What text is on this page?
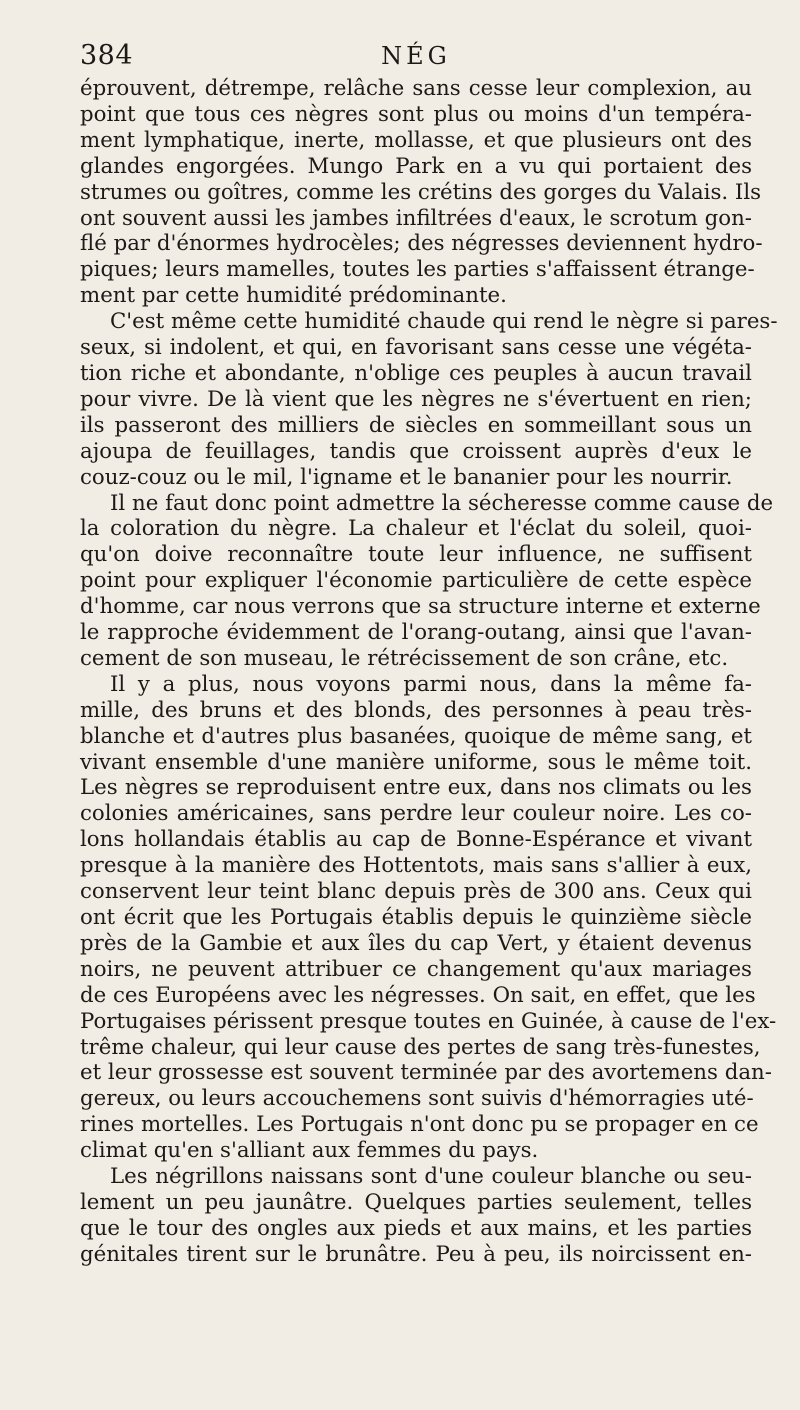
384	NÉG
éprouvent, détrempe, relâche sans cesse leur complexion, au
point que tous ces nègres sont plus ou moins d'un tempéra-
ment lymphatique, inerte, mollasse, et que plusieurs ont des
glandes engorgées. Mungo Park en a vu qui portaient des
strumes ou goîtres, comme les crétins des gorges du Valais. Ils
ont souvent aussi les jambes infiltrées d'eaux, le scrotum gon-
flé par d'énormes hydrocèles; des négresses deviennent hydro-
piques; leurs mamelles, toutes les parties s'affaissent étrange-
ment par cette humidité prédominante.
C'est même cette humidité chaude qui rend le nègre si pares-
seux, si indolent, et qui, en favorisant sans cesse une végéta-
tion riche et abondante, n'oblige ces peuples à aucun travail
pour vivre. De là vient que les nègres ne s'évertuent en rien;
ils passeront des milliers de siècles en sommeillant sous un
ajoupa de feuillages, tandis que croissent auprès d'eux le
couz-couz ou le mil, l'igname et le bananier pour les nourrir.
Il ne faut donc point admettre la sécheresse comme cause de
la coloration du nègre. La chaleur et l'éclat du soleil, quoi-
qu'on doive reconnaître toute leur influence, ne suffisent
point pour expliquer l'économie particulière de cette espèce
d'homme, car nous verrons que sa structure interne et externe
le rapproche évidemment de l'orang-outang, ainsi que l'avan-
cement de son museau, le rétrécissement de son crâne, etc.
Il y a plus, nous voyons parmi nous, dans la même fa-
mille, des bruns et des blonds, des personnes à peau très-
blanche et d'autres plus basanées, quoique de même sang, et
vivant ensemble d'une manière uniforme, sous le même toit.
Les nègres se reproduisent entre eux, dans nos climats ou les
colonies américaines, sans perdre leur couleur noire. Les co-
lons hollandais établis au cap de Bonne-Espérance et vivant
presque à la manière des Hottentots, mais sans s'allier à eux,
conservent leur teint blanc depuis près de 300 ans. Ceux qui
ont écrit que les Portugais établis depuis le quinzième siècle
près de la Gambie et aux îles du cap Vert, y étaient devenus
noirs, ne peuvent attribuer ce changement qu'aux mariages
de ces Européens avec les négresses. On sait, en effet, que les
Portugaises périssent presque toutes en Guinée, à cause de l'ex-
trême chaleur, qui leur cause des pertes de sang très-funestes,
et leur grossesse est souvent terminée par des avortemens dan-
gereux, ou leurs accouchemens sont suivis d'hémorragies uté-
rines mortelles. Les Portugais n'ont donc pu se propager en ce
climat qu'en s'alliant aux femmes du pays.
Les négrillons naissans sont d'une couleur blanche ou seu-
lement un peu jaunâtre. Quelques parties seulement, telles
que le tour des ongles aux pieds et aux mains, et les parties
génitales tirent sur le brunâtre. Peu à peu, ils noircissent en-
